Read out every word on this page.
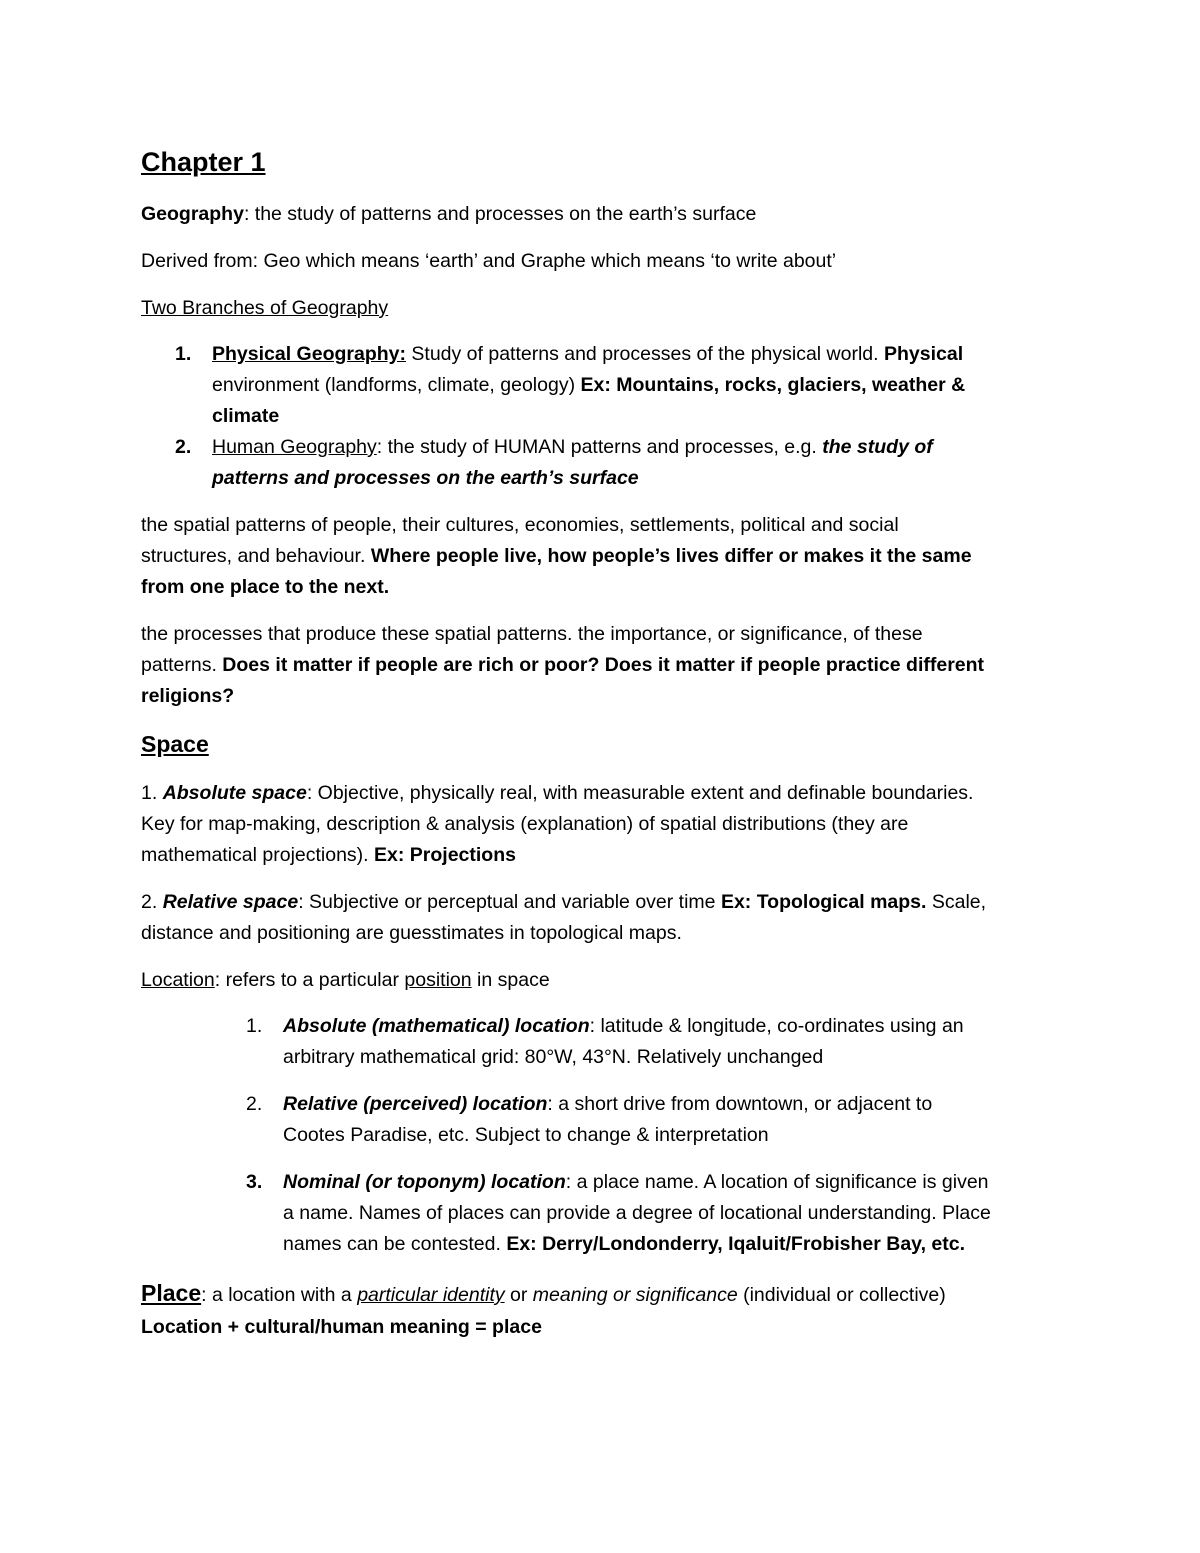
Chapter 1

Geography: the study of patterns and processes on the earth’s surface

Derived from: Geo which means ‘earth’ and Graphe which means ‘to write about’

Two Branches of Geography

1. Physical Geography: Study of patterns and processes of the physical world. Physical

environment (landforms, climate, geology) Ex: Mountains, rocks, glaciers, weather &

climate

2. Human Geography: the study of HUMAN patterns and processes, e.g. the study of

patterns and processes on the earth’s surface

the spatial patterns of people, their cultures, economies, settlements, political and social

structures, and behaviour. Where people live, how people’s lives differ or makes it the same

from one place to the next.

the processes that produce these spatial patterns. the importance, or significance, of these

patterns. Does it matter if people are rich or poor? Does it matter if people practice different

religions?

Space

1. Absolute space: Objective, physically real, with measurable extent and definable boundaries.

Key for map-making, description & analysis (explanation) of spatial distributions (they are

mathematical projections). Ex: Projections

2. Relative space: Subjective or perceptual and variable over time Ex: Topological maps. Scale,

distance and positioning are guesstimates in topological maps.

Location: refers to a particular position in space

1. Absolute (mathematical) location: latitude & longitude, co-ordinates using an

arbitrary mathematical grid: 80°W, 43°N. Relatively unchanged

2. Relative (perceived) location: a short drive from downtown, or adjacent to

Cootes Paradise, etc. Subject to change & interpretation

3. Nominal (or toponym) location: a place name. A location of significance is given

a name. Names of places can provide a degree of locational understanding. Place

names can be contested. Ex: Derry/Londonderry, Iqaluit/Frobisher Bay, etc.

Place: a location with a particular identity or meaning or significance (individual or collective)

Location + cultural/human meaning = place
